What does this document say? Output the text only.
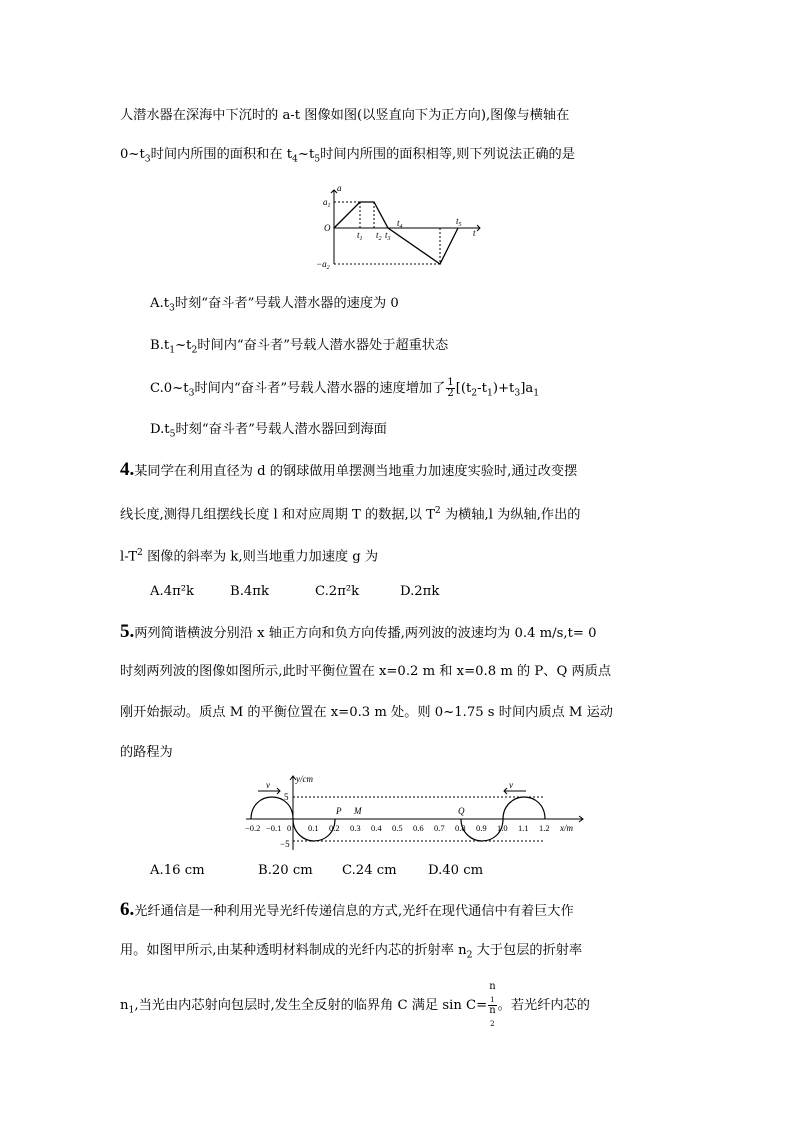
人潜水器在深海中下沉时的 a-t 图像如图(以竖直向下为正方向),图像与横轴在
$0\sim t_3$时间内所围的面积和在 $t_4\sim t_5$时间内所围的面积相等,则下列说法正确的是
a
$a_1$
O
$t_1$ $t_2$ $t_3$
$t_4$
$t_5$
t
$-a_2$
$A.t_3$时刻“奋斗者”号载人潜水器的速度为 0
$B.t_1\sim t_2$时间内“奋斗者”号载人潜水器处于超重状态
$C.0\sim t_3$时间内“奋斗者”号载人潜水器的速度增加了 $\frac{1}{2} [(t_2-t_1)+t_3]a_1$
$D.t_5$时刻“奋斗者”号载人潜水器回到海面
4.某同学在利用直径为 d 的钢球做用单摆测当地重力加速度实验时,通过改变摆
线长度,测得几组摆线长度 l 和对应周期 T 的数据,以 $T^2$ 为横轴,l 为纵轴,作出的
$l-T^2$ 图像的斜率为 k,则当地重力加速度 g 为
A.4π²k	B.4πk	C.2π²k	D.2πk
5.两列简谐横波分别沿 x 轴正方向和负方向传播,两列波的波速均为 0.4 m/s,t= 0
时刻两列波的图像如图所示,此时平衡位置在 x=0.2 m 和 x=0.8 m 的 P、Q 两质点
刚开始振动。质点 M 的平衡位置在 x=0.3 m 处。则 0~1.75 s 时间内质点 M 运动
的路程为
y/cm
x/m
5
−5
P M	Q
v	v
−0.2 −0.1 0 0.1 0.2 0.3 0.4 0.5 0.6 0.7 0.8 0.9 1.0 1.1 1.2
A.16 cm	B.20 cm C.24 cm D.40 cm
6.光纤通信是一种利用光导光纤传递信息的方式,光纤在现代通信中有着巨大作
用。如图甲所示,由某种透明材料制成的光纤内芯的折射率 $n_2$ 大于包层的折射率
$n_1$,当光由内芯射向包层时,发生全反射的临界角 C 满足 sin C= n
$_1$
n
$_2$ 。若光纤内芯的
